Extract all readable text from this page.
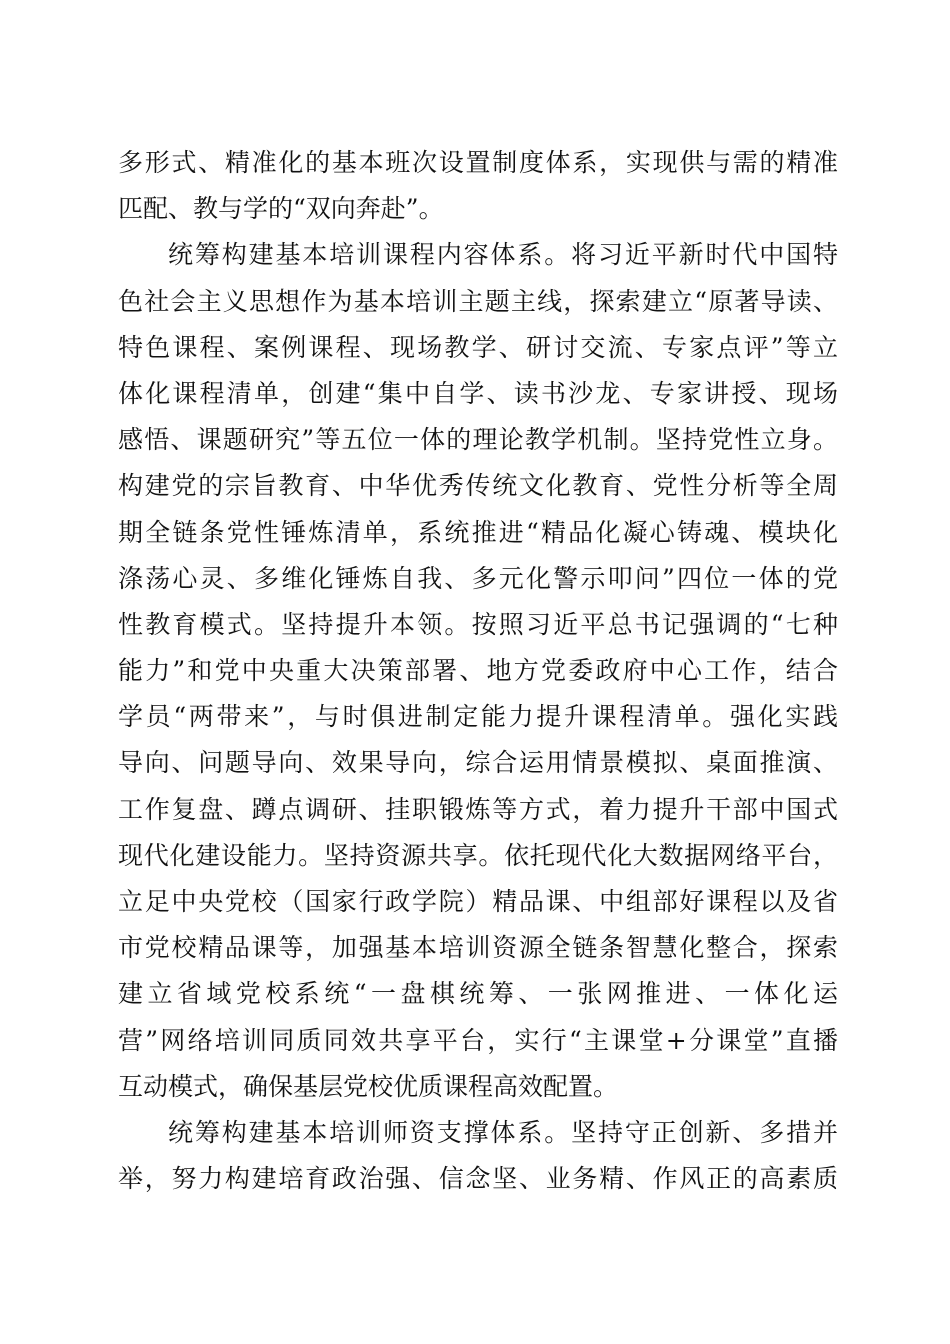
多形式、精准化的基本班次设置制度体系，实现供与需的精准
匹配、教与学的“双向奔赴”。
统筹构建基本培训课程内容体系。将习近平新时代中国特
色社会主义思想作为基本培训主题主线，探索建立“原著导读、
特色课程、案例课程、现场教学、研讨交流、专家点评”等立
体化课程清单，创建“集中自学、读书沙龙、专家讲授、现场
感悟、课题研究”等五位一体的理论教学机制。坚持党性立身。
构建党的宗旨教育、中华优秀传统文化教育、党性分析等全周
期全链条党性锤炼清单，系统推进“精品化凝心铸魂、模块化
涤荡心灵、多维化锤炼自我、多元化警示叩问”四位一体的党
性教育模式。坚持提升本领。按照习近平总书记强调的“七种
能力”和党中央重大决策部署、地方党委政府中心工作，结合
学员“两带来”，与时俱进制定能力提升课程清单。强化实践
导向、问题导向、效果导向，综合运用情景模拟、桌面推演、
工作复盘、蹲点调研、挂职锻炼等方式，着力提升干部中国式
现代化建设能力。坚持资源共享。依托现代化大数据网络平台，
立足中央党校（国家行政学院）精品课、中组部好课程以及省
市党校精品课等，加强基本培训资源全链条智慧化整合，探索
建立省域党校系统“一盘棋统筹、一张网推进、一体化运
营”网络培训同质同效共享平台，实行“主课堂+分课堂”直播
互动模式，确保基层党校优质课程高效配置。
统筹构建基本培训师资支撑体系。坚持守正创新、多措并
举，努力构建培育政治强、信念坚、业务精、作风正的高素质
